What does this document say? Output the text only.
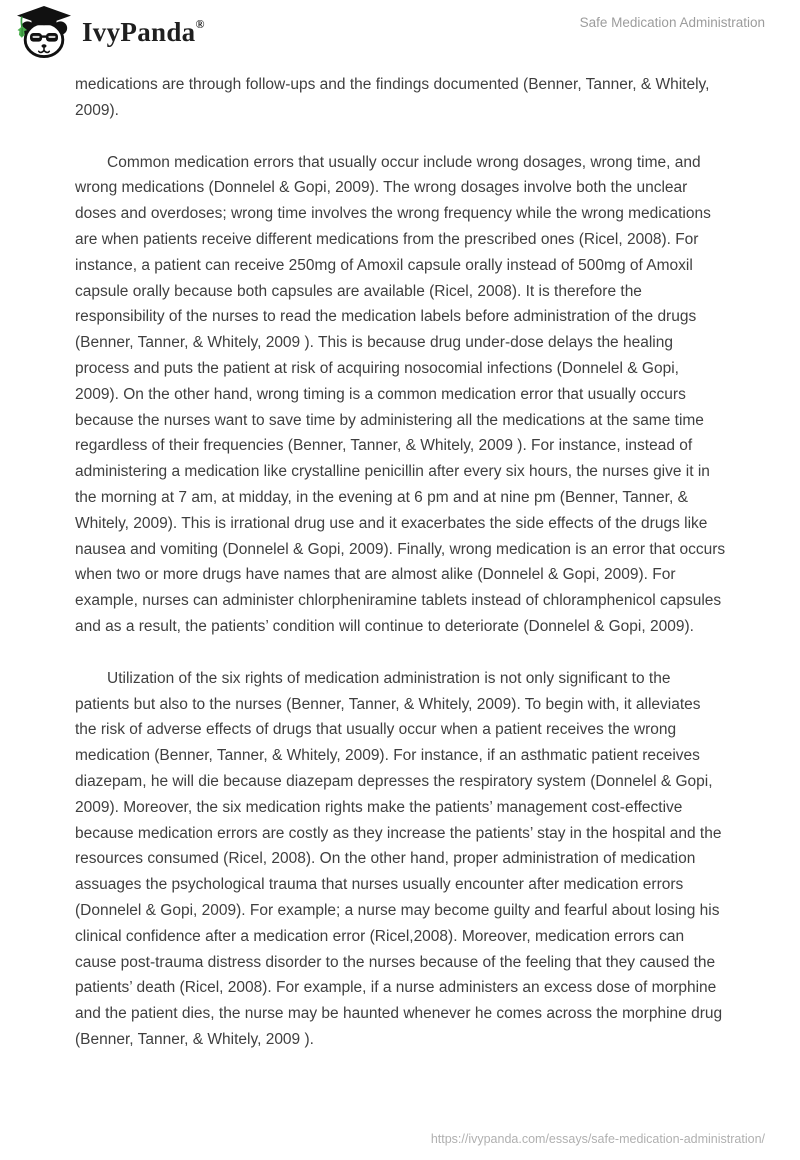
IvyPanda®	Safe Medication Administration

medications are through follow-ups and the findings documented (Benner, Tanner, & Whitely, 2009).

Common medication errors that usually occur include wrong dosages, wrong time, and wrong medications (Donnelel & Gopi, 2009). The wrong dosages involve both the unclear doses and overdoses; wrong time involves the wrong frequency while the wrong medications are when patients receive different medications from the prescribed ones (Ricel, 2008). For instance, a patient can receive 250mg of Amoxil capsule orally instead of 500mg of Amoxil capsule orally because both capsules are available (Ricel, 2008). It is therefore the responsibility of the nurses to read the medication labels before administration of the drugs (Benner, Tanner, & Whitely, 2009 ). This is because drug under-dose delays the healing process and puts the patient at risk of acquiring nosocomial infections (Donnelel & Gopi, 2009). On the other hand, wrong timing is a common medication error that usually occurs because the nurses want to save time by administering all the medications at the same time regardless of their frequencies (Benner, Tanner, & Whitely, 2009 ). For instance, instead of administering a medication like crystalline penicillin after every six hours, the nurses give it in the morning at 7 am, at midday, in the evening at 6 pm and at nine pm (Benner, Tanner, & Whitely, 2009). This is irrational drug use and it exacerbates the side effects of the drugs like nausea and vomiting (Donnelel & Gopi, 2009). Finally, wrong medication is an error that occurs when two or more drugs have names that are almost alike (Donnelel & Gopi, 2009). For example, nurses can administer chlorpheniramine tablets instead of chloramphenicol capsules and as a result, the patients’ condition will continue to deteriorate (Donnelel & Gopi, 2009).

Utilization of the six rights of medication administration is not only significant to the patients but also to the nurses (Benner, Tanner, & Whitely, 2009). To begin with, it alleviates the risk of adverse effects of drugs that usually occur when a patient receives the wrong medication (Benner, Tanner, & Whitely, 2009). For instance, if an asthmatic patient receives diazepam, he will die because diazepam depresses the respiratory system (Donnelel & Gopi, 2009). Moreover, the six medication rights make the patients’ management cost-effective because medication errors are costly as they increase the patients’ stay in the hospital and the resources consumed (Ricel, 2008). On the other hand, proper administration of medication assuages the psychological trauma that nurses usually encounter after medication errors (Donnelel & Gopi, 2009). For example; a nurse may become guilty and fearful about losing his clinical confidence after a medication error (Ricel,2008). Moreover, medication errors can cause post-trauma distress disorder to the nurses because of the feeling that they caused the patients’ death (Ricel, 2008). For example, if a nurse administers an excess dose of morphine and the patient dies, the nurse may be haunted whenever he comes across the morphine drug (Benner, Tanner, & Whitely, 2009 ).

https://ivypanda.com/essays/safe-medication-administration/
